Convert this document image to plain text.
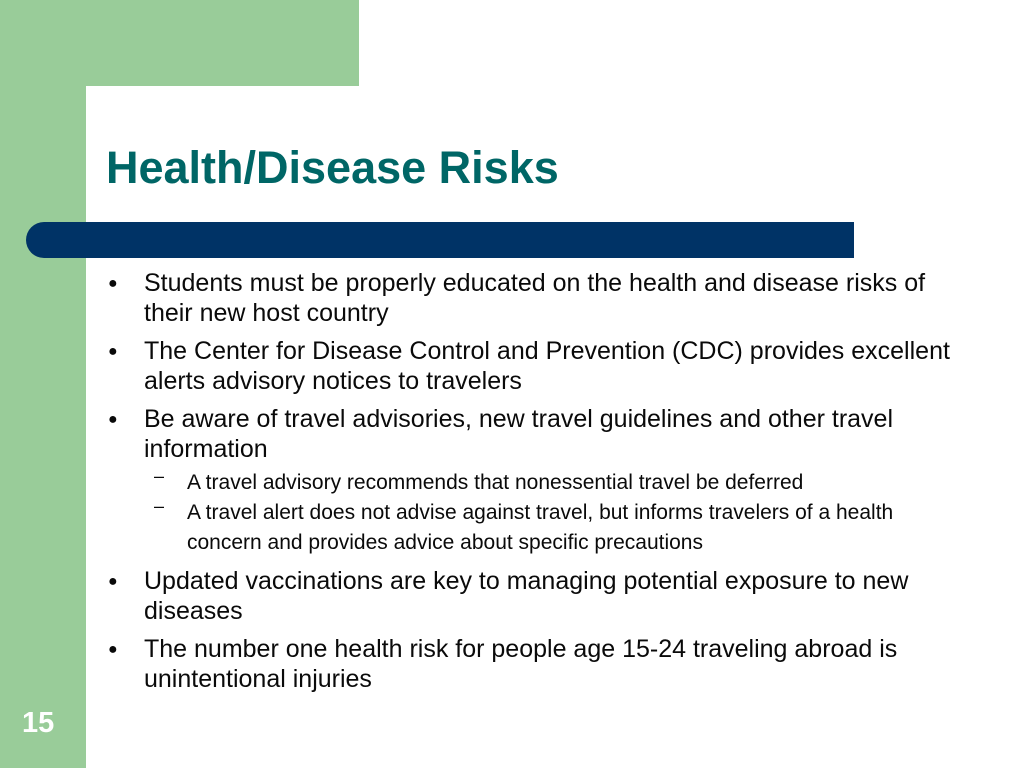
Health/Disease Risks
● Students must be properly educated on the health and disease risks of their new host country
● The Center for Disease Control and Prevention (CDC) provides excellent alerts advisory notices to travelers
● Be aware of travel advisories, new travel guidelines and other travel information
– A travel advisory recommends that nonessential travel be deferred
– A travel alert does not advise against travel, but informs travelers of a health concern and provides advice about specific precautions
● Updated vaccinations are key to managing potential exposure to new diseases
● The number one health risk for people age 15-24 traveling abroad is unintentional injuries
15
